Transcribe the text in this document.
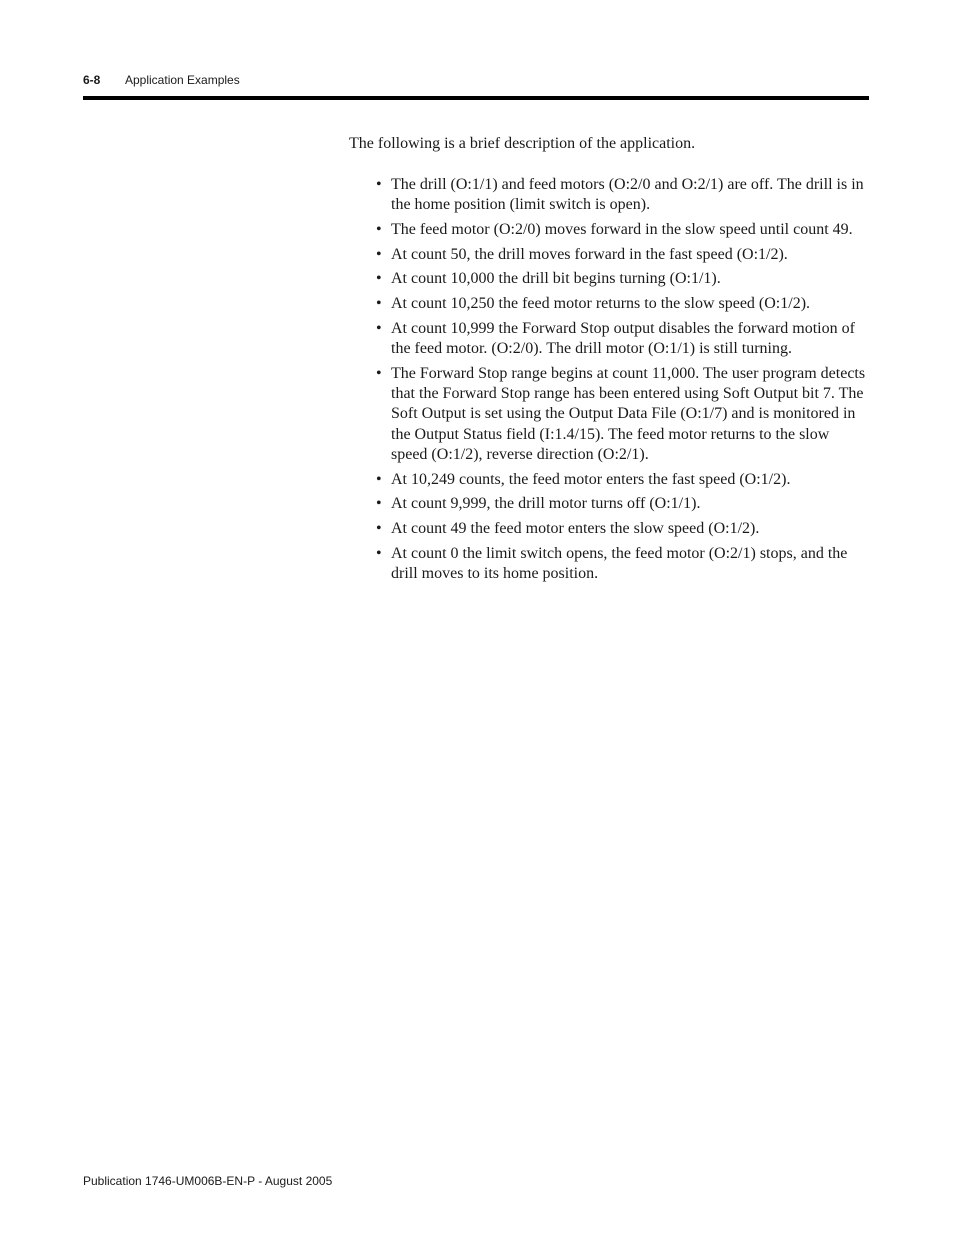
6-8 Application Examples

The following is a brief description of the application.

• The drill (O:1/1) and feed motors (O:2/0 and O:2/1) are off. The drill is in the home position (limit switch is open).
• The feed motor (O:2/0) moves forward in the slow speed until count 49.
• At count 50, the drill moves forward in the fast speed (O:1/2).
• At count 10,000 the drill bit begins turning (O:1/1).
• At count 10,250 the feed motor returns to the slow speed (O:1/2).
• At count 10,999 the Forward Stop output disables the forward motion of the feed motor. (O:2/0). The drill motor (O:1/1) is still turning.
• The Forward Stop range begins at count 11,000. The user program detects that the Forward Stop range has been entered using Soft Output bit 7. The Soft Output is set using the Output Data File (O:1/7) and is monitored in the Output Status field (I:1.4/15). The feed motor returns to the slow speed (O:1/2), reverse direction (O:2/1).
• At 10,249 counts, the feed motor enters the fast speed (O:1/2).
• At count 9,999, the drill motor turns off (O:1/1).
• At count 49 the feed motor enters the slow speed (O:1/2).
• At count 0 the limit switch opens, the feed motor (O:2/1) stops, and the drill moves to its home position.
Publication 1746-UM006B-EN-P - August 2005
